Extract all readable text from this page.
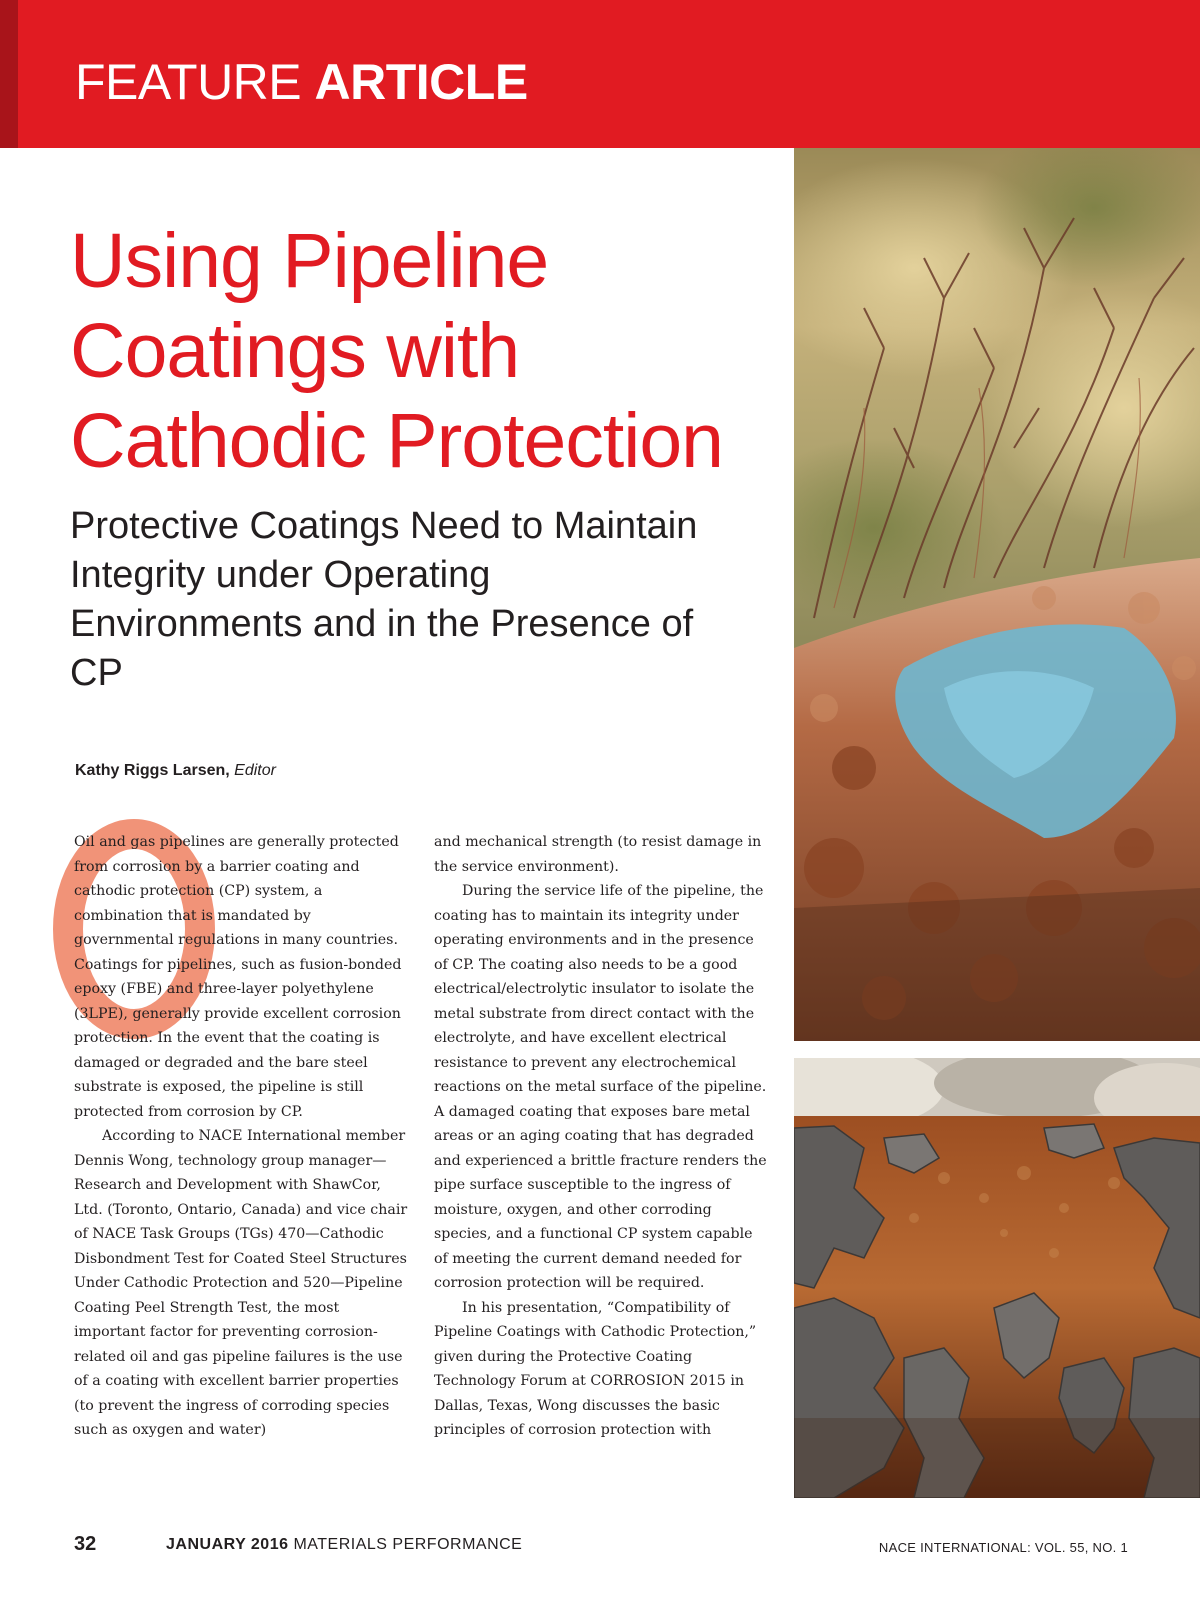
FEATURE ARTICLE
Using Pipeline Coatings with Cathodic Protection
Protective Coatings Need to Maintain Integrity under Operating Environments and in the Presence of CP
Kathy Riggs Larsen, Editor

Oil and gas pipelines are generally protected from corrosion by a barrier coating and cathodic protection (CP) system, a combination that is mandated by governmental regulations in many countries. Coatings for pipelines, such as fusion-bonded epoxy (FBE) and three-layer polyethylene (3LPE), generally provide excellent corrosion protection. In the event that the coating is damaged or degraded and the bare steel substrate is exposed, the pipeline is still protected from corrosion by CP.

According to NACE International member Dennis Wong, technology group manager—Research and Development with ShawCor, Ltd. (Toronto, Ontario, Canada) and vice chair of NACE Task Groups (TGs) 470—Cathodic Disbondment Test for Coated Steel Structures Under Cathodic Protection and 520—Pipeline Coating Peel Strength Test, the most important factor for preventing corrosion-related oil and gas pipeline failures is the use of a coating with excellent barrier properties (to prevent the ingress of corroding species such as oxygen and water)

and mechanical strength (to resist damage in the service environment).

During the service life of the pipeline, the coating has to maintain its integrity under operating environments and in the presence of CP. The coating also needs to be a good electrical/electrolytic insulator to isolate the metal substrate from direct contact with the electrolyte, and have excellent electrical resistance to prevent any electrochemical reactions on the metal surface of the pipeline. A damaged coating that exposes bare metal areas or an aging coating that has degraded and experienced a brittle fracture renders the pipe surface susceptible to the ingress of moisture, oxygen, and other corroding species, and a functional CP system capable of meeting the current demand needed for corrosion protection will be required.

In his presentation, “Compatibility of Pipeline Coatings with Cathodic Protection,” given during the Protective Coating Technology Forum at CORROSION 2015 in Dallas, Texas, Wong discusses the basic principles of corrosion protection with

32	JANUARY 2016 MATERIALS PERFORMANCE	NACE INTERNATIONAL: VOL. 55, NO. 1
